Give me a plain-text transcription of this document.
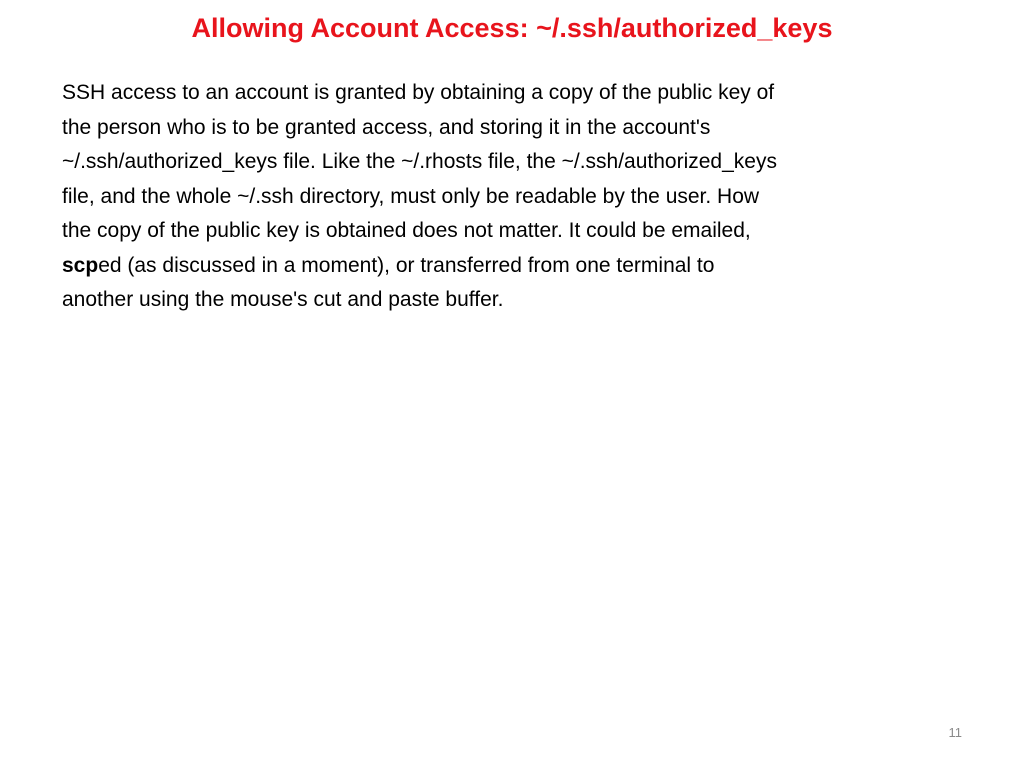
Allowing Account Access: ~/.ssh/authorized_keys
SSH access to an account is granted by obtaining a copy of the public key of
the person who is to be granted access, and storing it in the account's
~/.ssh/authorized_keys file. Like the ~/.rhosts file, the ~/.ssh/authorized_keys
file, and the whole ~/.ssh directory, must only be readable by the user. How
the copy of the public key is obtained does not matter. It could be emailed,
scped (as discussed in a moment), or transferred from one terminal to
another using the mouse's cut and paste buffer.
11
